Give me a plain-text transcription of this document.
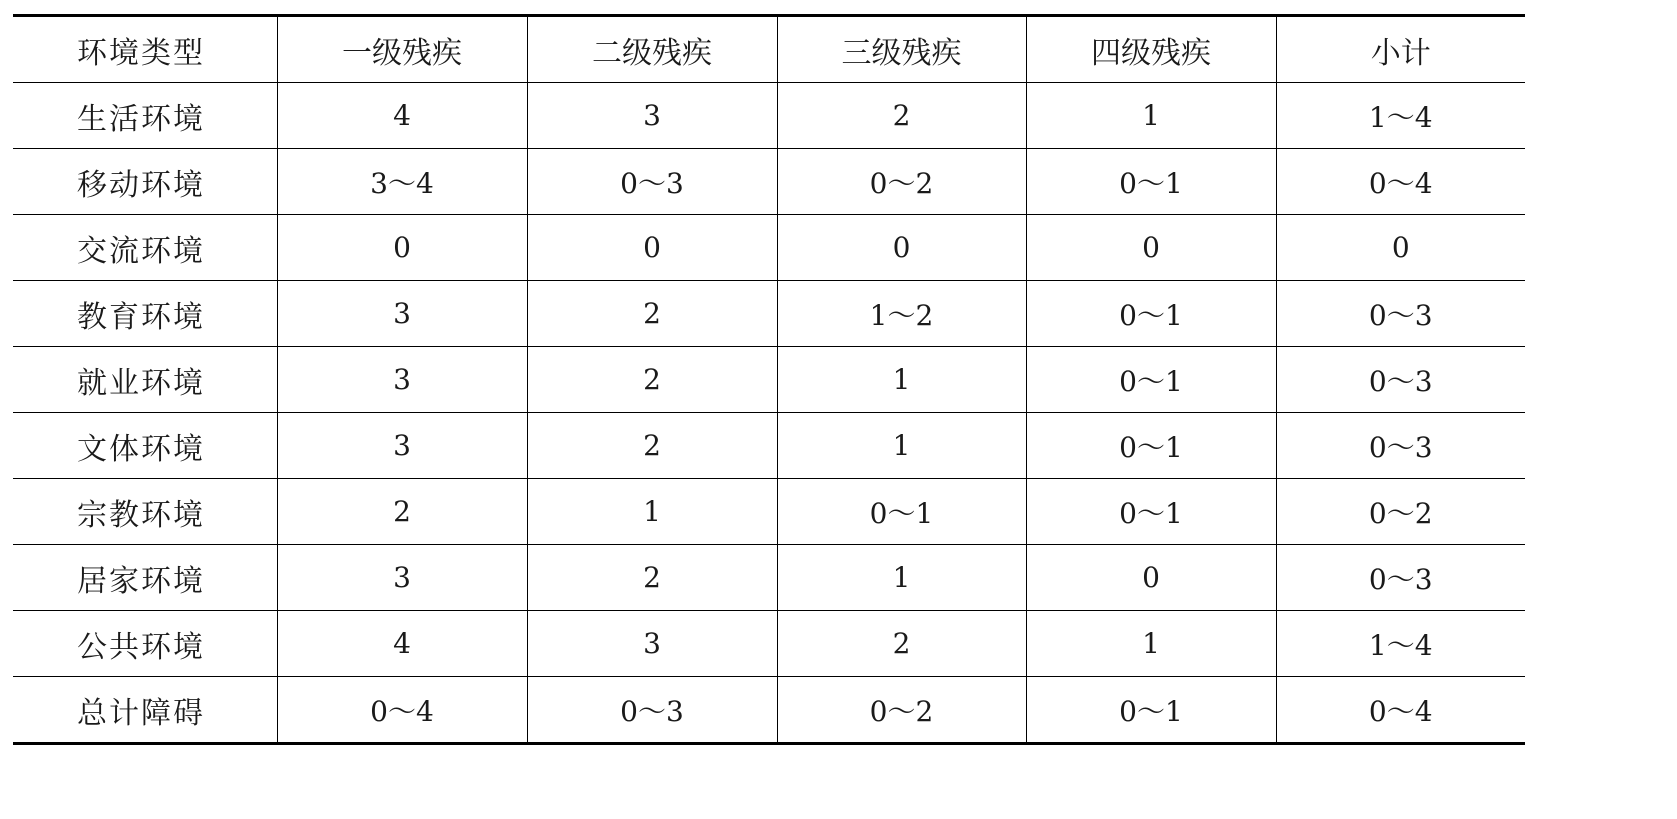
环境类型	一级残疾	二级残疾	三级残疾	四级残疾	小计
生活环境	4	3	2	1	1～4
移动环境	3～4	0～3	0～2	0～1	0～4
交流环境	0	0	0	0	0
教育环境	3	2	1～2	0～1	0～3
就业环境	3	2	1	0～1	0～3
文体环境	3	2	1	0～1	0～3
宗教环境	2	1	0～1	0～1	0～2
居家环境	3	2	1	0	0～3
公共环境	4	3	2	1	1～4
总计障碍	0～4	0～3	0～2	0～1	0～4
